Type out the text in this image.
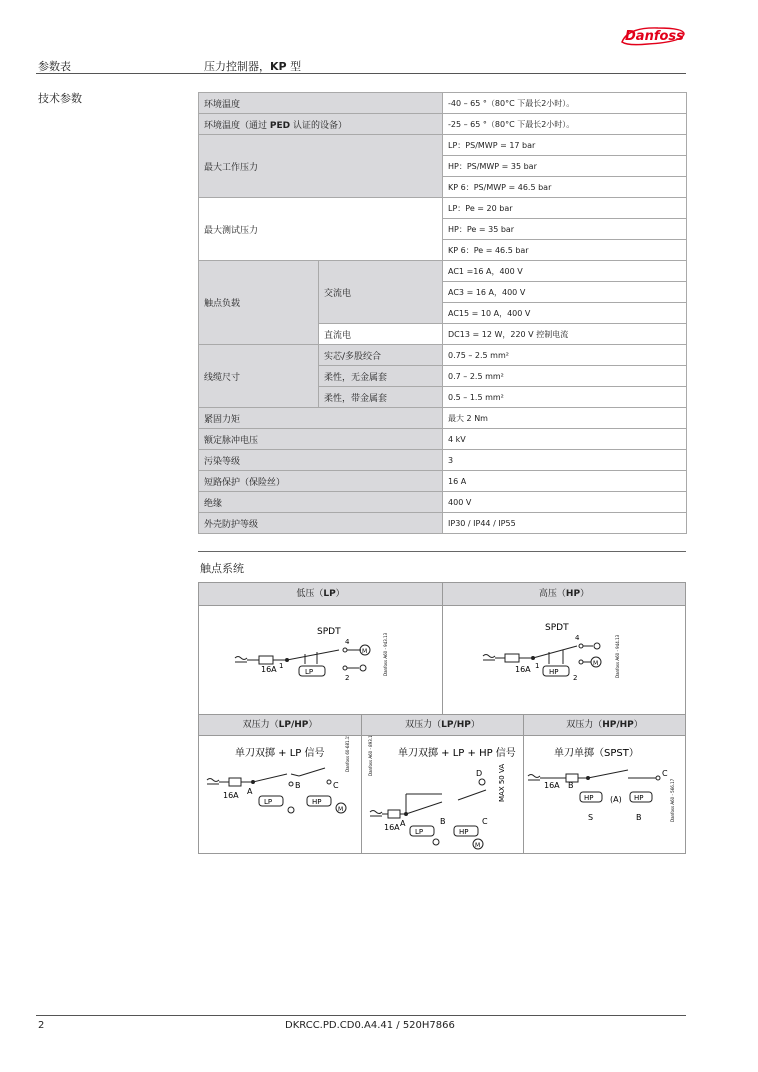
Danfoss
参数表	压力控制器，KP 型
技术参数	环境温度		-40 – 65 °（80°C 下最长2小时）。
环境温度（通过 PED 认证的设备）		-25 – 65 °（80°C 下最长2小时）。
最大工作压力		LP：PS/MWP = 17 bar
		HP：PS/MWP = 35 bar
		KP 6：PS/MWP = 46.5 bar
最大测试压力		LP：Pe = 20 bar
		HP：Pe = 35 bar
		KP 6：Pe = 46.5 bar
触点负载	交流电	AC1 =16 A，400 V
		AC3 = 16 A，400 V
		AC15 = 10 A，400 V
	直流电	DC13 = 12 W，220 V 控制电流
线缆尺寸	实芯/多股绞合	0.75 – 2.5 mm²
	柔性，无金属套	0.7 – 2.5 mm²
	柔性，带金属套	0.5 – 1.5 mm²
紧固力矩		最大 2 Nm
额定脉冲电压		4 kV
污染等级		3
短路保护（保险丝）		16 A
绝缘		400 V
外壳防护等级		IP30 / IP44 / IP55
触点系统
低压（LP）	高压（HP）
SPDT
LP
16A 1
4
2
M	Danfoss A60 - 943.13
SPDT
HP
16A 1
4
2
M	Danfoss A60 - 944.13
双压力（LP/HP）	双压力（LP/HP）	双压力（HP/HP）
单刀双掷 + LP 信号
LP	HP
16A A
B	C
M
Danfoss 60-681.15	单刀双掷 + LP + HP 信号
Danfoss A60 - 893.14	D MAX 50 VA
LP	HP
16A A	B	C
M
单刀单掷（SPST）
HP	HP
16A B
C
(A)
S	B	Danfoss A60 - 566.17
2	DKRCC.PD.CD0.A4.41 / 520H7866
